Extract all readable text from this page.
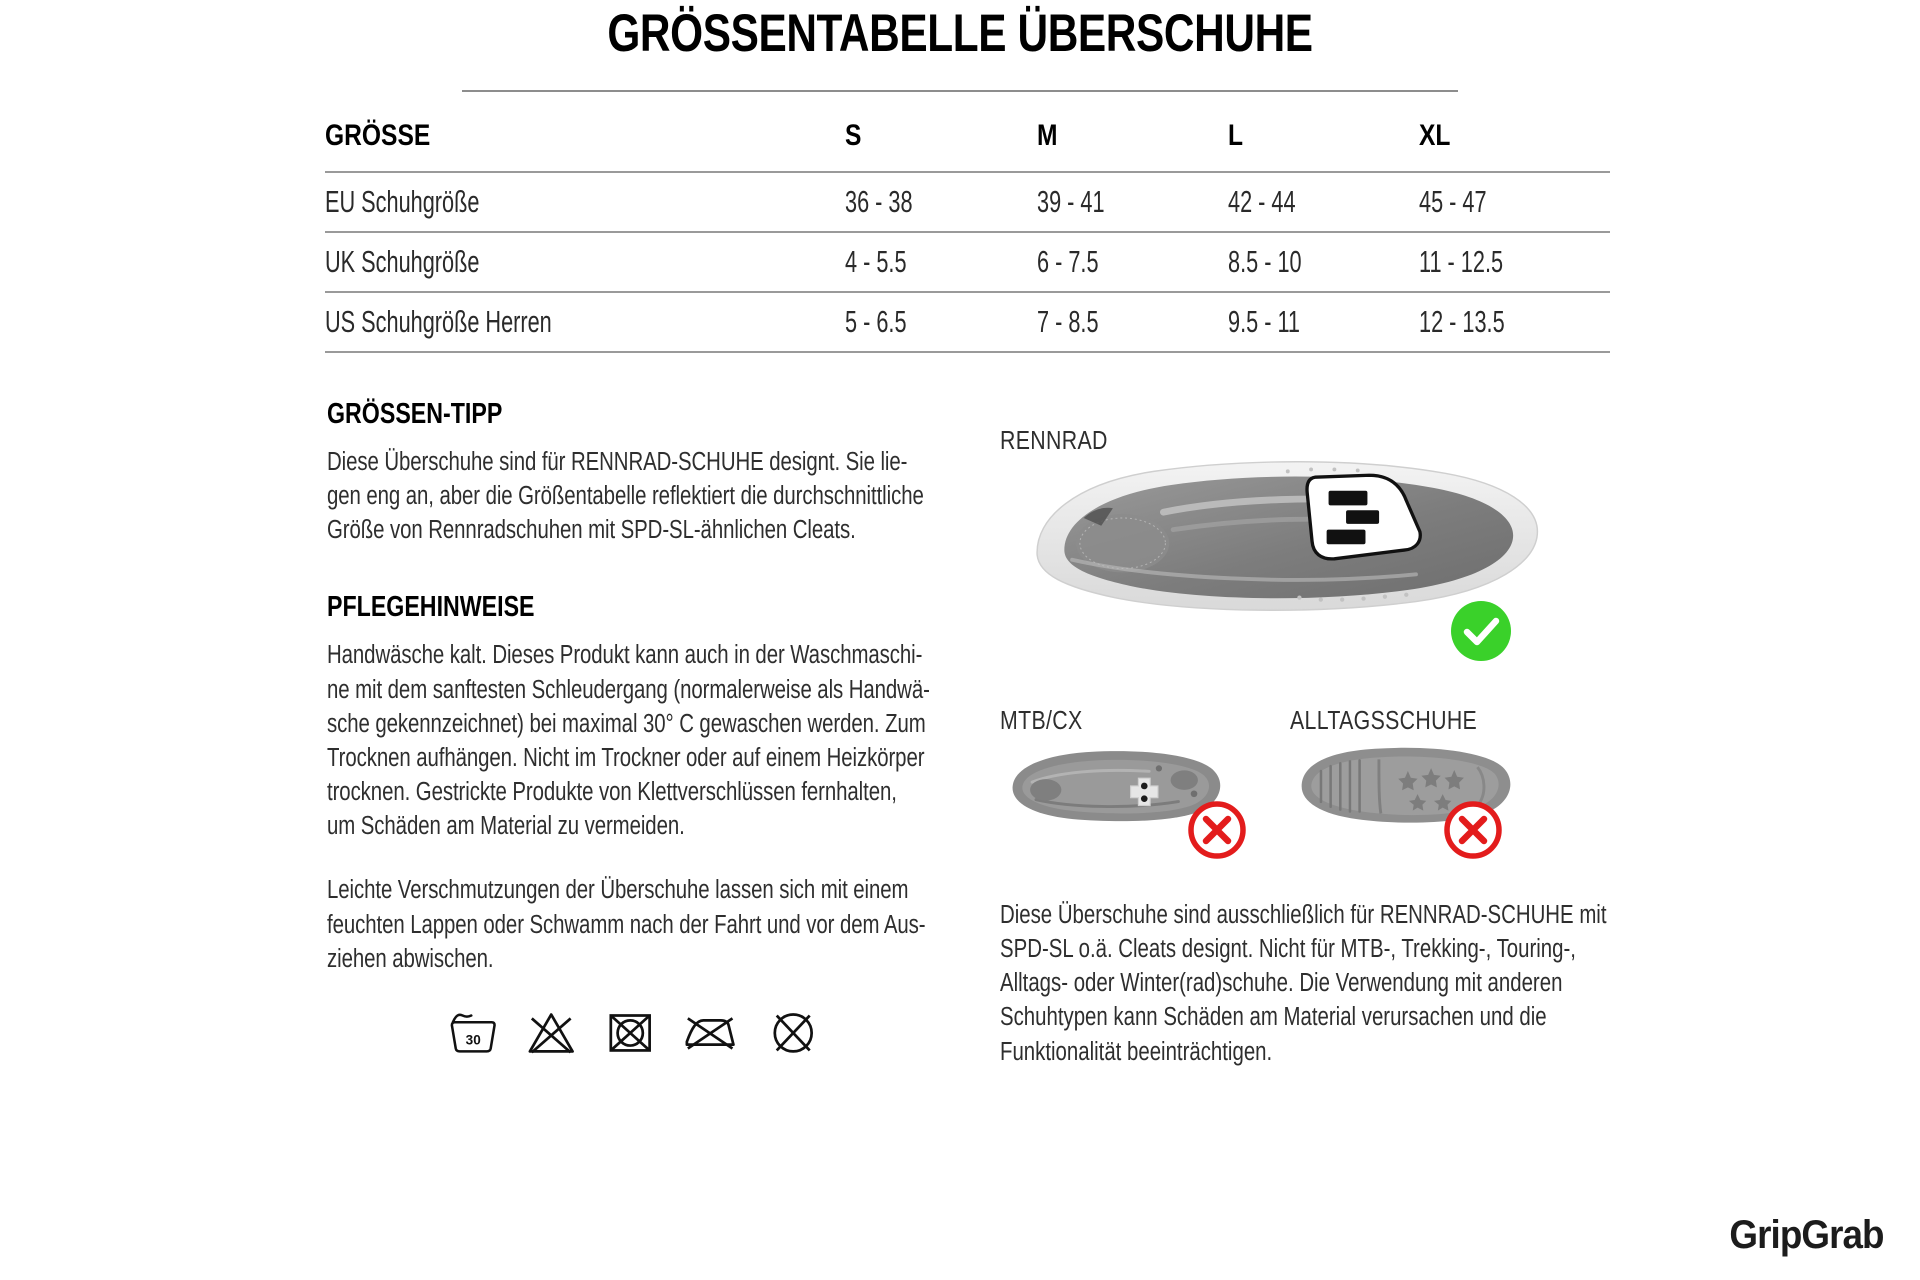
GRÖSSENTABELLE ÜBERSCHUHE
GRÖSSE	S	M	L	XL
EU Schuhgröße	36 - 38	39 - 41	42 - 44	45 - 47
UK Schuhgröße	4 - 5.5	6 - 7.5	8.5 - 10	11 - 12.5
US Schuhgröße Herren	5 - 6.5	7 - 8.5	9.5 - 11	12 - 13.5
GRÖSSEN-TIPP

Diese Überschuhe sind für RENNRAD-SCHUHE designt. Sie lie-
gen eng an, aber die Größentabelle reflektiert die durchschnittliche
Größe von Rennradschuhen mit SPD-SL-ähnlichen Cleats.

PFLEGEHINWEISE

Handwäsche kalt. Dieses Produkt kann auch in der Waschmaschi-
ne mit dem sanftesten Schleudergang (normalerweise als Handwä-
sche gekennzeichnet) bei maximal 30° C gewaschen werden. Zum
Trocknen aufhängen. Nicht im Trockner oder auf einem Heizkörper
trocknen. Gestrickte Produkte von Klettverschlüssen fernhalten,
um Schäden am Material zu vermeiden.

Leichte Verschmutzungen der Überschuhe lassen sich mit einem
feuchten Lappen oder Schwamm nach der Fahrt und vor dem Aus-
ziehen abwischen.

30
RENNRAD
MTB/CX	ALLTAGSSCHUHE
Diese Überschuhe sind ausschließlich für RENNRAD-SCHUHE mit
SPD-SL o.ä. Cleats designt. Nicht für MTB-, Trekking-, Touring-,
Alltags- oder Winter(rad)schuhe. Die Verwendung mit anderen
Schuhtypen kann Schäden am Material verursachen und die
Funktionalität beeinträchtigen.
GripGrab
